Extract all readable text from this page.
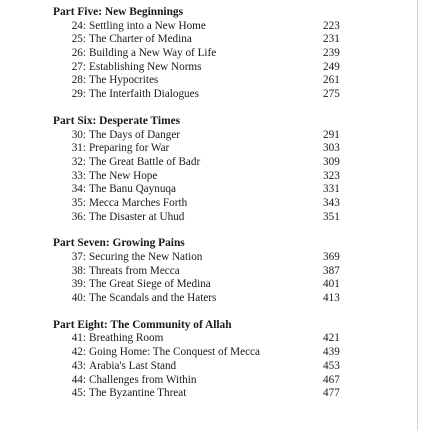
Part Five: New Beginnings
24: Settling into a New Home	223
25: The Charter of Medina	231
26: Building a New Way of Life	239
27: Establishing New Norms	249
28: The Hypocrites	261
29: The Interfaith Dialogues	275
Part Six: Desperate Times
30: The Days of Danger	291
31: Preparing for War	303
32: The Great Battle of Badr	309
33: The New Hope	323
34: The Banu Qaynuqa	331
35: Mecca Marches Forth	343
36: The Disaster at Uhud	351
Part Seven: Growing Pains
37: Securing the New Nation	369
38: Threats from Mecca	387
39: The Great Siege of Medina	401
40: The Scandals and the Haters	413
Part Eight: The Community of Allah
41: Breathing Room	421
42: Going Home: The Conquest of Mecca	439
43: Arabia's Last Stand	453
44: Challenges from Within	467
45: The Byzantine Threat	477
